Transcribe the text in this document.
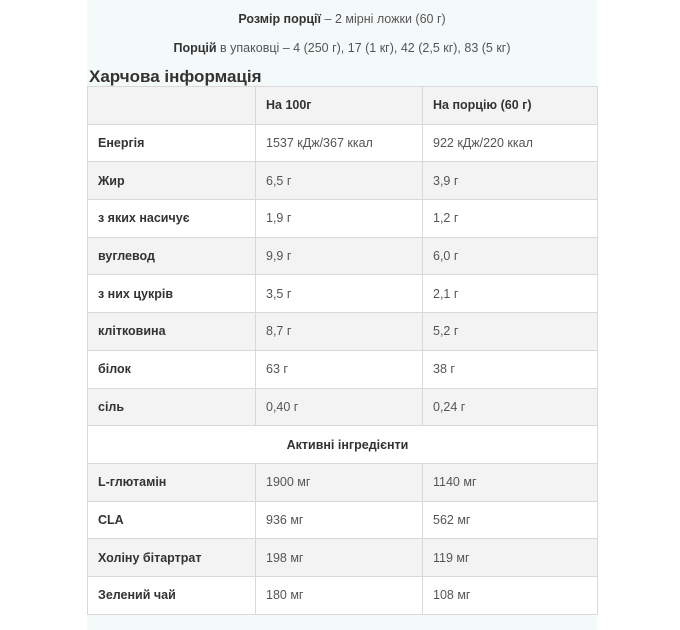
Розмір порції – 2 мірні ложки (60 г)
Порцій в упаковці – 4 (250 г), 17 (1 кг), 42 (2,5 кг), 83 (5 кг)
Харчова інформація
	На 100г	На порцію (60 г)
Енергія	1537 кДж/367 ккал	922 кДж/220 ккал
Жир	6,5 г	3,9 г
з яких насичує	1,9 г	1,2 г
вуглевод	9,9 г	6,0 г
з них цукрів	3,5 г	2,1 г
клітковина	8,7 г	5,2 г
білок	63 г	38 г
сіль	0,40 г	0,24 г
Активні інгредієнти		
L-глютамін	1900 мг	1140 мг
CLA	936 мг	562 мг
Холіну бітартрат	198 мг	119 мг
Зелений чай	180 мг	108 мг
